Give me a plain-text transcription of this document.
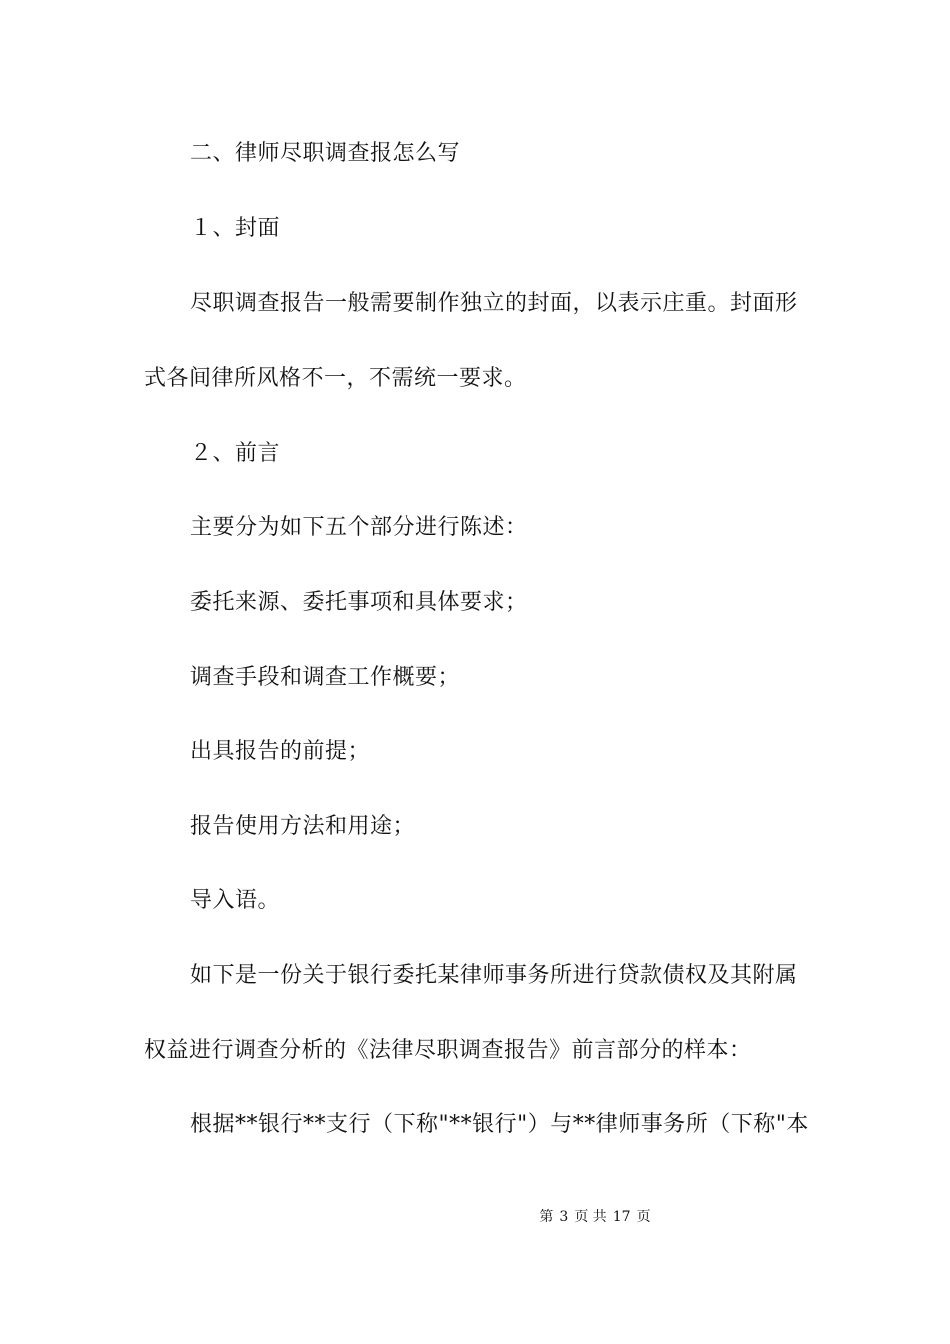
二、律师尽职调查报怎么写
１、封面
尽职调查报告一般需要制作独立的封面，以表示庄重。封面形
式各间律所风格不一，不需统一要求。
２、前言
主要分为如下五个部分进行陈述：
委托来源、委托事项和具体要求；
调查手段和调查工作概要；
出具报告的前提；
报告使用方法和用途；
导入语。
如下是一份关于银行委托某律师事务所进行贷款债权及其附属
权益进行调查分析的《法律尽职调查报告》前言部分的样本：
根据**银行**支行（下称"**银行"）与**律师事务所（下称"本
第 3 页 共 17 页
